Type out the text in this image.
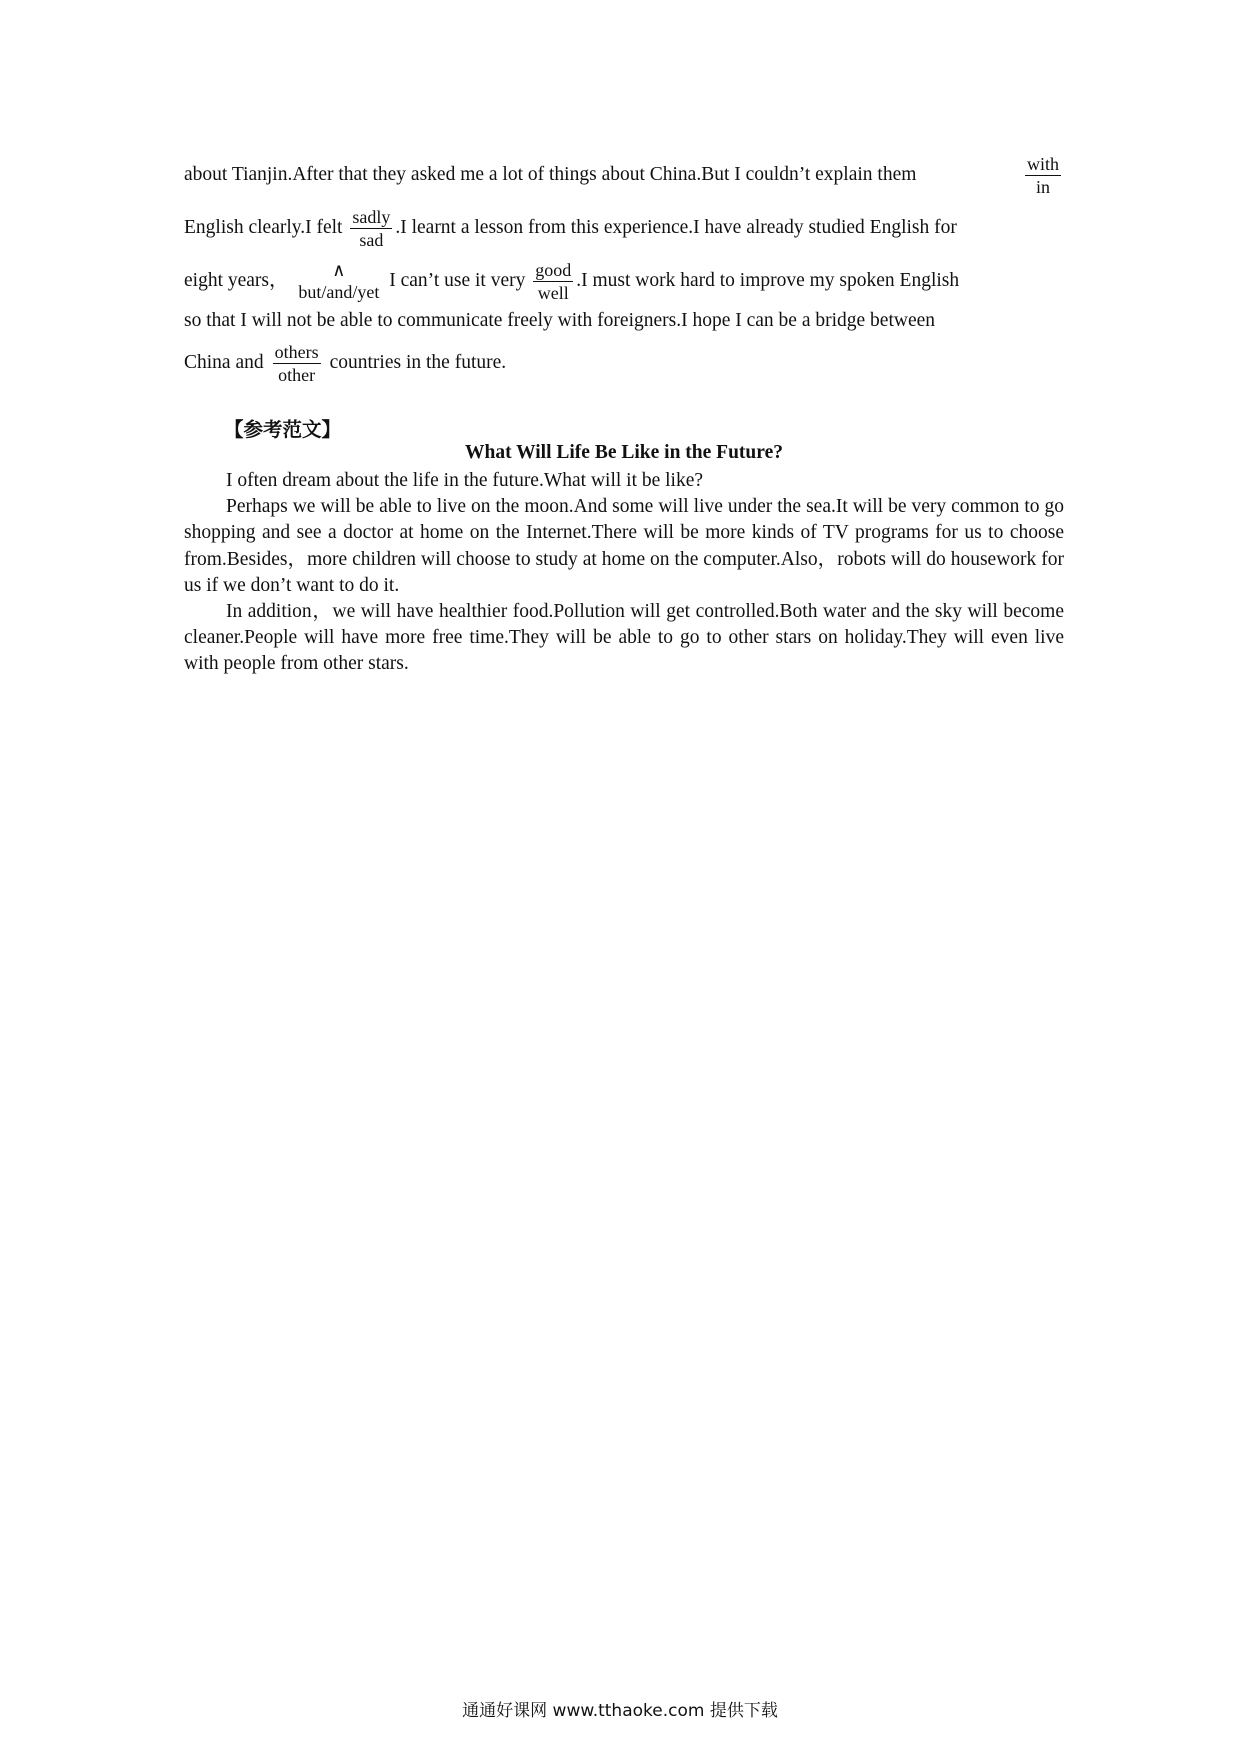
about Tianjin.After that they asked me a lot of things about China.But I couldn’t explain them
with
in
English clearly.I felt sadly
sad
.I learnt a lesson from this experience.I have already studied English for
eight years，	∧
but/and/yet
I can’t use it very good
well
.I must work hard to improve my spoken English
so that I will not be able to communicate freely with foreigners.I hope I can be a bridge between
China and
others
other
countries in the future.
【参考范文】
What Will Life Be Like in the Future?

I often dream about the life in the future.What will it be like?

Perhaps we will be able to live on the moon.And some will live under the sea.It will be very common to go shopping and see a doctor at home on the Internet.There will be more kinds of TV programs for us to choose from.Besides，more children will choose to study at home on the computer.Also，robots will do housework for us if we don’t want to do it.

In addition，we will have healthier food.Pollution will get controlled.Both water and the sky will become cleaner.People will have more free time.They will be able to go to other stars on holiday.They will even live with people from other stars.

通通好课网 www.tthaoke.com 提供下载
